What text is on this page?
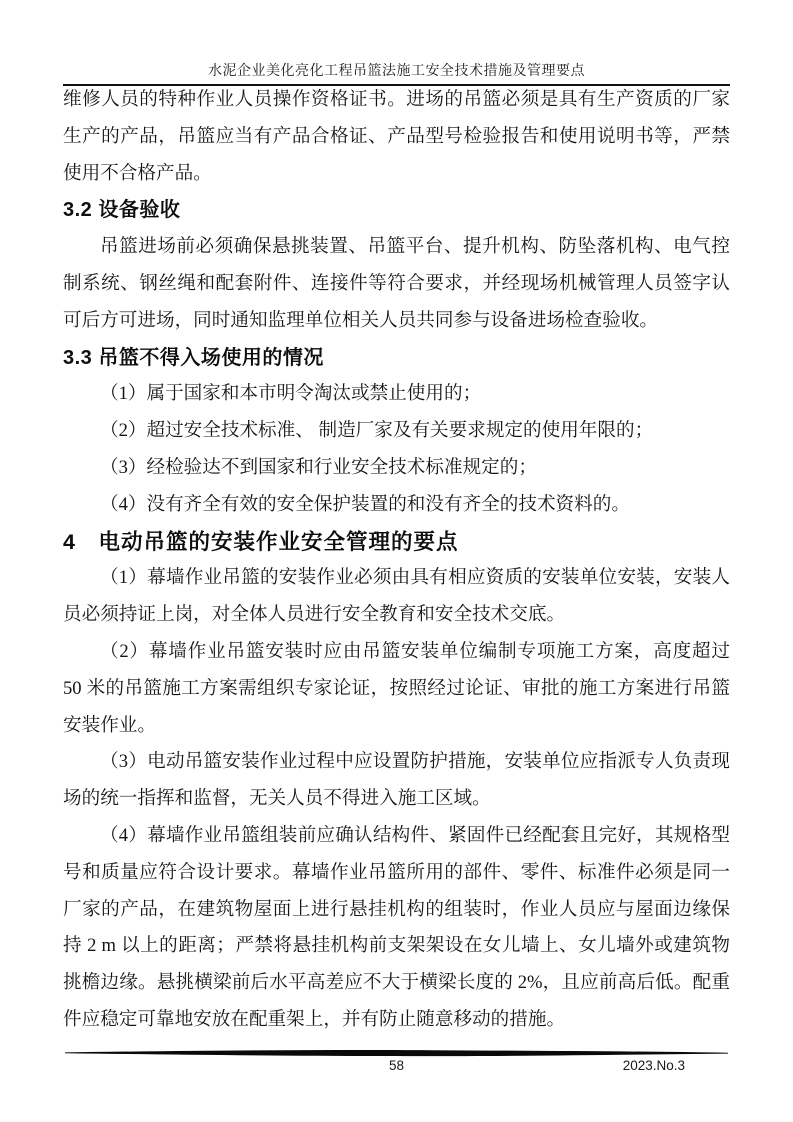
水泥企业美化亮化工程吊篮法施工安全技术措施及管理要点
维修人员的特种作业人员操作资格证书。进场的吊篮必须是具有生产资质的厂家
生产的产品，吊篮应当有产品合格证、产品型号检验报告和使用说明书等，严禁
使用不合格产品。
3.2 设备验收
吊篮进场前必须确保悬挑装置、吊篮平台、提升机构、防坠落机构、电气控
制系统、钢丝绳和配套附件、连接件等符合要求，并经现场机械管理人员签字认
可后方可进场，同时通知监理单位相关人员共同参与设备进场检查验收。
3.3 吊篮不得入场使用的情况
（1）属于国家和本市明令淘汰或禁止使用的；
（2）超过安全技术标准、 制造厂家及有关要求规定的使用年限的；
（3）经检验达不到国家和行业安全技术标准规定的；
（4）没有齐全有效的安全保护装置的和没有齐全的技术资料的。
4　电动吊篮的安装作业安全管理的要点
（1）幕墙作业吊篮的安装作业必须由具有相应资质的安装单位安装，安装人
员必须持证上岗，对全体人员进行安全教育和安全技术交底。
（2）幕墙作业吊篮安装时应由吊篮安装单位编制专项施工方案，高度超过
50 米的吊篮施工方案需组织专家论证，按照经过论证、审批的施工方案进行吊篮
安装作业。
（3）电动吊篮安装作业过程中应设置防护措施，安装单位应指派专人负责现
场的统一指挥和监督，无关人员不得进入施工区域。
（4）幕墙作业吊篮组装前应确认结构件、紧固件已经配套且完好，其规格型
号和质量应符合设计要求。幕墙作业吊篮所用的部件、零件、标准件必须是同一
厂家的产品，在建筑物屋面上进行悬挂机构的组装时，作业人员应与屋面边缘保
持 2 m 以上的距离；严禁将悬挂机构前支架架设在女儿墙上、女儿墙外或建筑物
挑檐边缘。悬挑横梁前后水平高差应不大于横梁长度的 2%，且应前高后低。配重
件应稳定可靠地安放在配重架上，并有防止随意移动的措施。
58	2023.No.3
